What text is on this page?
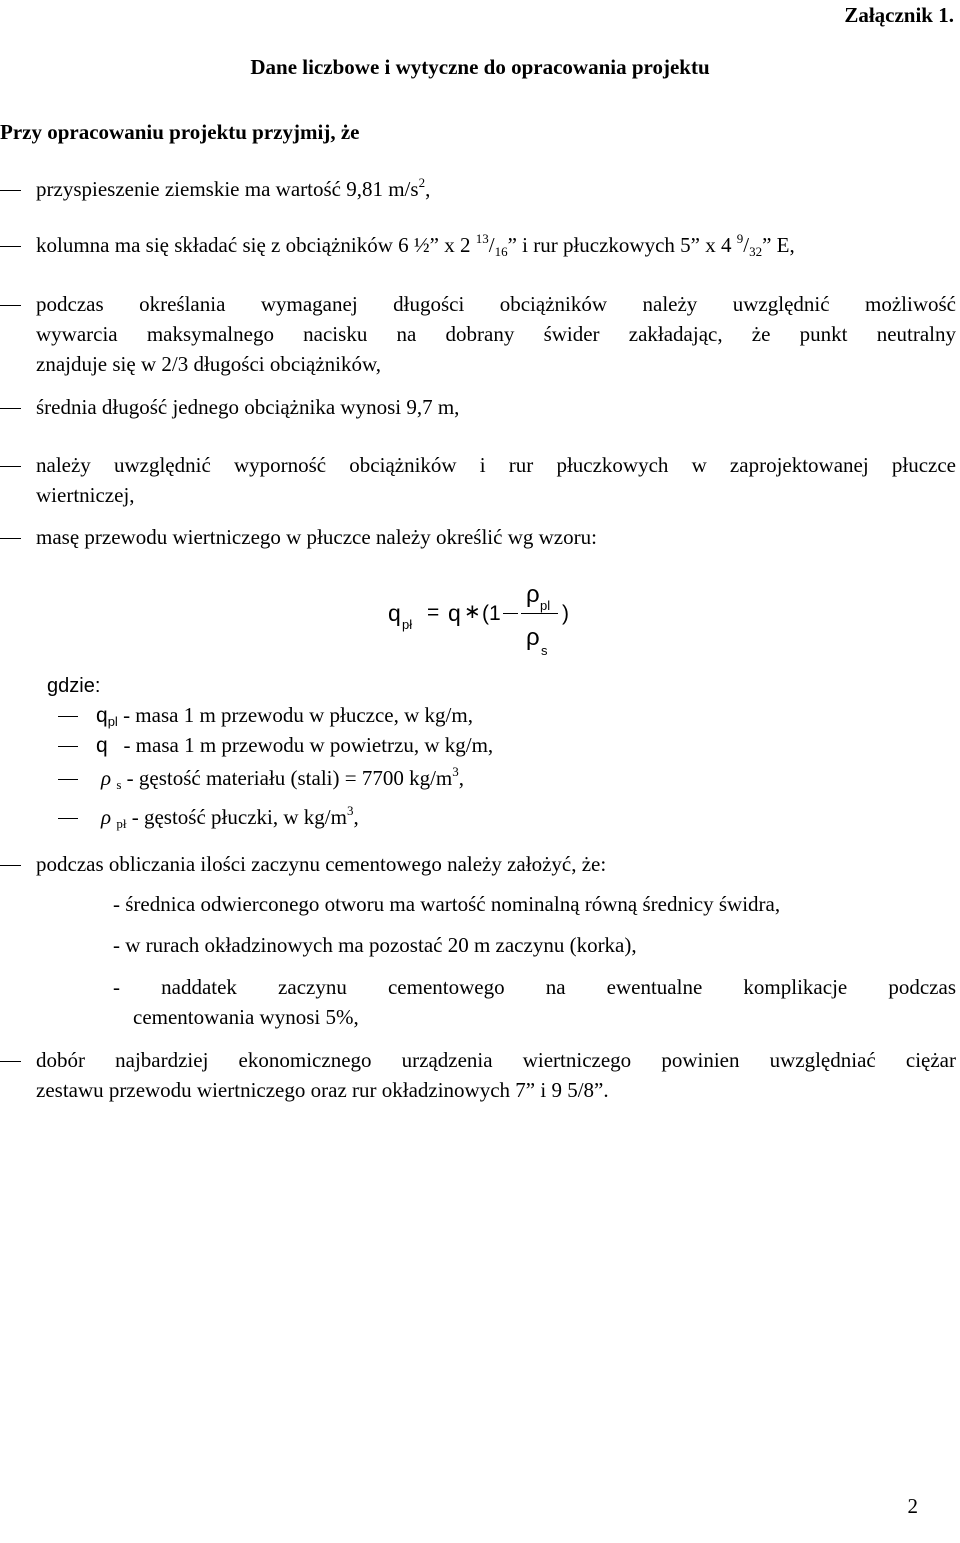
Załącznik 1.
Dane liczbowe i wytyczne do opracowania projektu
Przy opracowaniu projektu przyjmij, że
przyspieszenie ziemskie ma wartość 9,81 $m/s^2$,
kolumna ma się składać się z obciążników 6 ½” x 2 $^{13}/_{16}$” i rur płuczkowych 5” x 4 $^9/_{32}$” E,
podczas określania wymaganej długości obciążników należy uwzględnić możliwość
wywarcia maksymalnego nacisku na dobrany świder zakładając, że punkt neutralny
znajduje się w 2/3 długości obciążników,
średnia długość jednego obciążnika wynosi 9,7 m,
należy uwzględnić wyporność obciążników i rur płuczkowych w zaprojektowanej płuczce
wiertniczej,
masę przewodu wiertniczego w płuczce należy określić wg wzoru:
q pł
= q ∗ (1
ρ pl
ρ s
)
gdzie:
$q_{pl}$ - masa 1 m przewodu w płuczce, w kg/m,
q   - masa 1 m przewodu w powietrzu, w kg/m,
ρ $_s$ - gęstość materiału (stali) = 7700 $kg/m^3$,
ρ $_{pł}$ - gęstość płuczki, w $kg/m^3$,
podczas obliczania ilości zaczynu cementowego należy założyć, że:
- średnica odwierconego otworu ma wartość nominalną równą średnicy świdra,
- w rurach okładzinowych ma pozostać 20 m zaczynu (korka),
- naddatek zaczynu cementowego na ewentualne komplikacje podczas
cementowania wynosi 5%,
dobór najbardziej ekonomicznego urządzenia wiertniczego powinien uwzględniać ciężar
zestawu przewodu wiertniczego oraz rur okładzinowych 7” i 9 5/8”.
2
